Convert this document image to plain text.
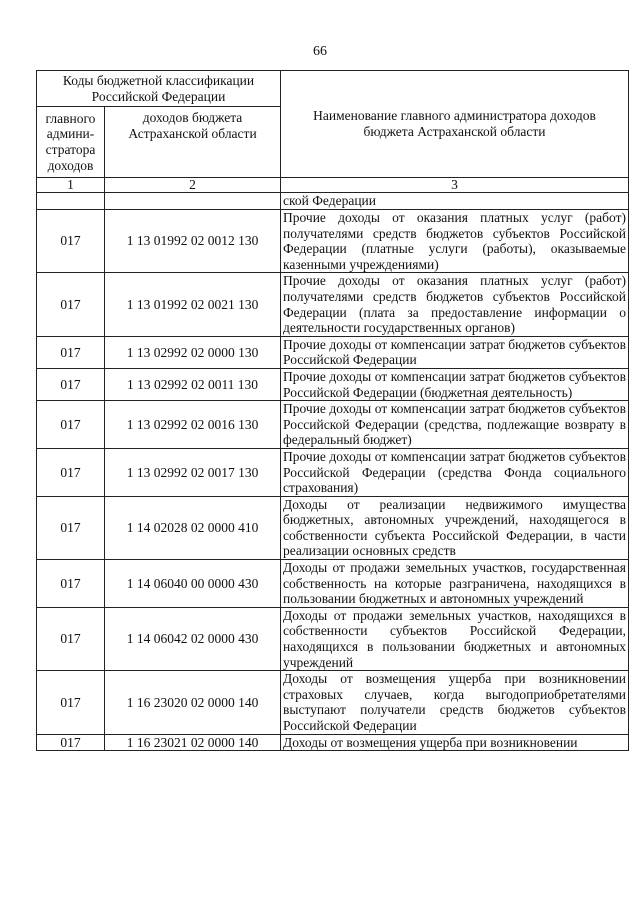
66
Коды бюджетной классификации Российской Федерации		Наименование главного администратора доходов бюджета Астраханской области
главного админи-стратора доходов	доходов бюджета Астраханской области	
1	2	3
		ской Федерации
017	1 13 01992 02 0012 130	Прочие доходы от оказания платных услуг (работ) получателями средств бюджетов субъектов Российской Федерации (платные услуги (работы), оказываемые казенными учреждениями)
017	1 13 01992 02 0021 130	Прочие доходы от оказания платных услуг (работ) получателями средств бюджетов субъектов Российской Федерации (плата за предоставление информации о деятельности государственных органов)
017	1 13 02992 02 0000 130	Прочие доходы от компенсации затрат бюджетов субъектов Российской Федерации
017	1 13 02992 02 0011 130	Прочие доходы от компенсации затрат бюджетов субъектов Российской Федерации (бюджетная деятельность)
017	1 13 02992 02 0016 130	Прочие доходы от компенсации затрат бюджетов субъектов Российской Федерации (средства, подлежащие возврату в федеральный бюджет)
017	1 13 02992 02 0017 130	Прочие доходы от компенсации затрат бюджетов субъектов Российской Федерации (средства Фонда социального страхования)
017	1 14 02028 02 0000 410	Доходы от реализации недвижимого имущества бюджетных, автономных учреждений, находящегося в собственности субъекта Российской Федерации, в части реализации основных средств
017	1 14 06040 00 0000 430	Доходы от продажи земельных участков, государственная собственность на которые разграничена, находящихся в пользовании бюджетных и автономных учреждений
017	1 14 06042 02 0000 430	Доходы от продажи земельных участков, находящихся в собственности субъектов Российской Федерации, находящихся в пользовании бюджетных и автономных учреждений
017	1 16 23020 02 0000 140	Доходы от возмещения ущерба при возникновении страховых случаев, когда выгодоприобретателями выступают получатели средств бюджетов субъектов Российской Федерации
017	1 16 23021 02 0000 140	Доходы от возмещения ущерба при возникновении
